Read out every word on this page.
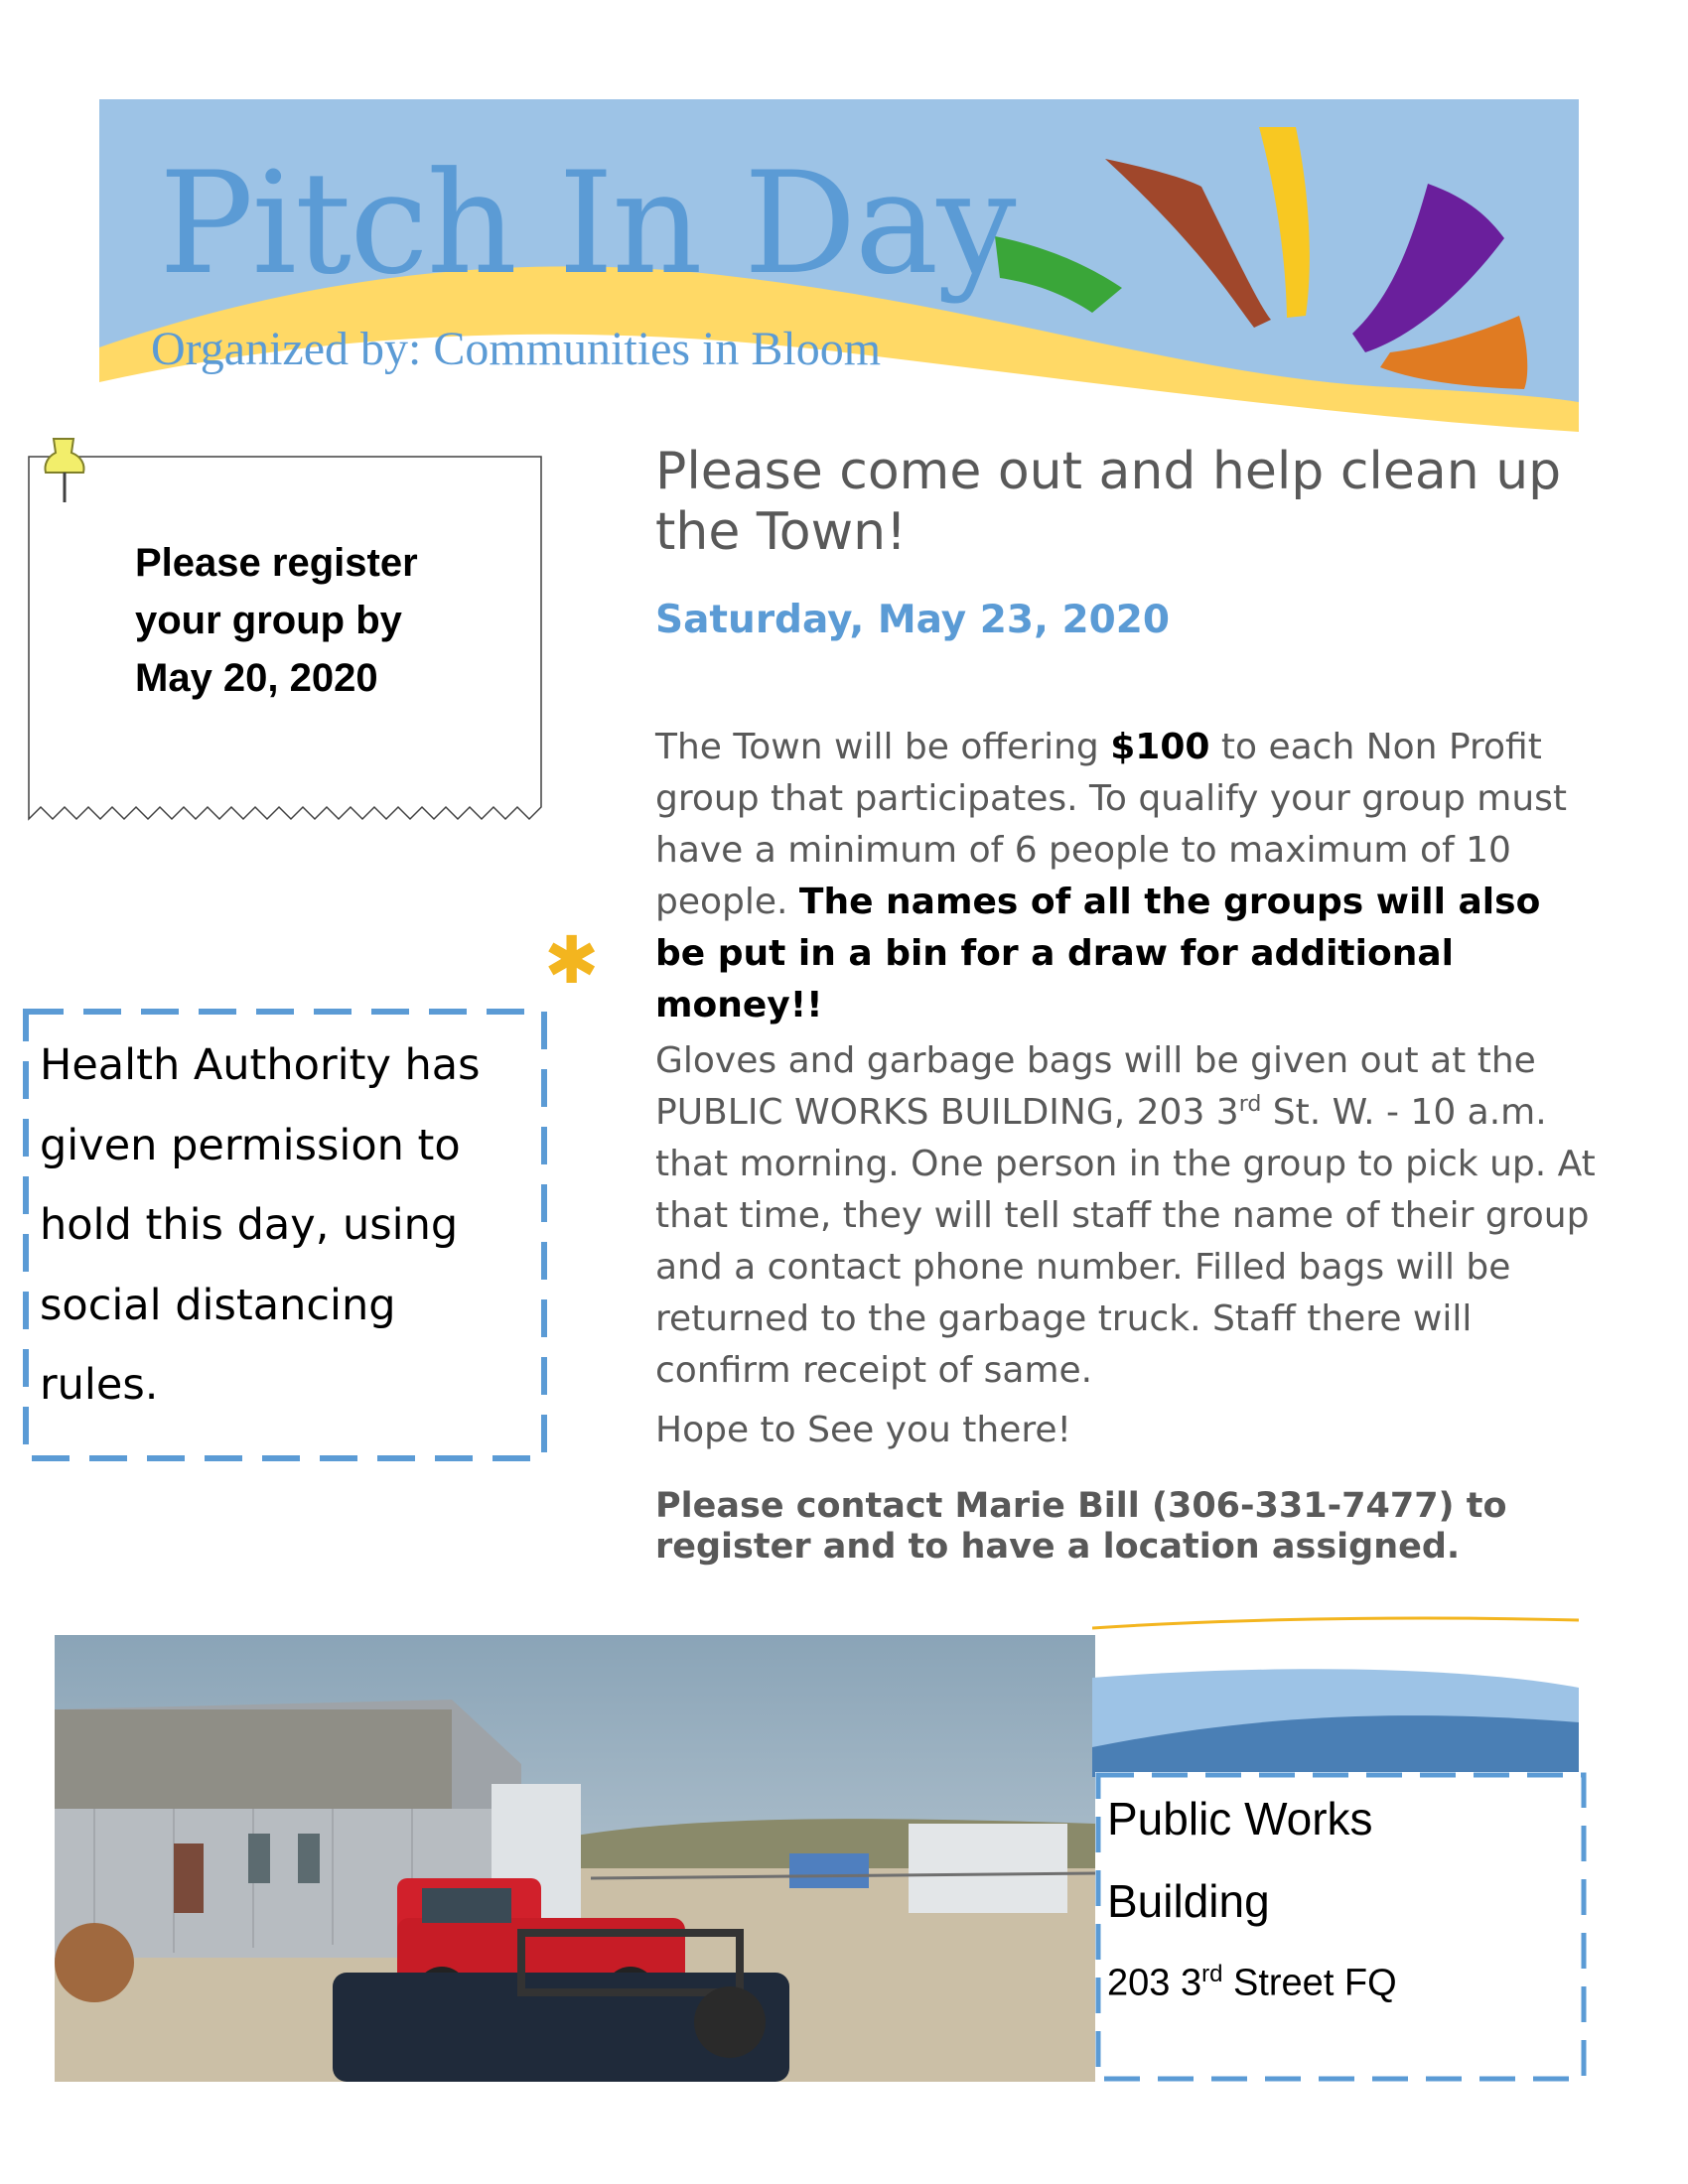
Pitch In Day
Organized by: Communities in Bloom
Please register
your group by
May 20, 2020
✱
Health Authority has
given permission to
hold this day, using
social distancing
rules.
Please come out and help clean up the Town!
Saturday, May 23, 2020
The Town will be offering $100 to each Non Profit group that participates. To qualify your group must have a minimum of 6 people to maximum of 10 people. The names of all the groups will also be put in a bin for a draw for additional money!!
Gloves and garbage bags will be given out at the PUBLIC WORKS BUILDING, 203 3rd St. W. - 10 a.m. that morning. One person in the group to pick up. At that time, they will tell staff the name of their group and a contact phone number. Filled bags will be returned to the garbage truck. Staff there will confirm receipt of same.
Hope to See you there!
Please contact Marie Bill (306-331-7477) to register and to have a location assigned.
Public Works
Building
203 3rd Street FQ
